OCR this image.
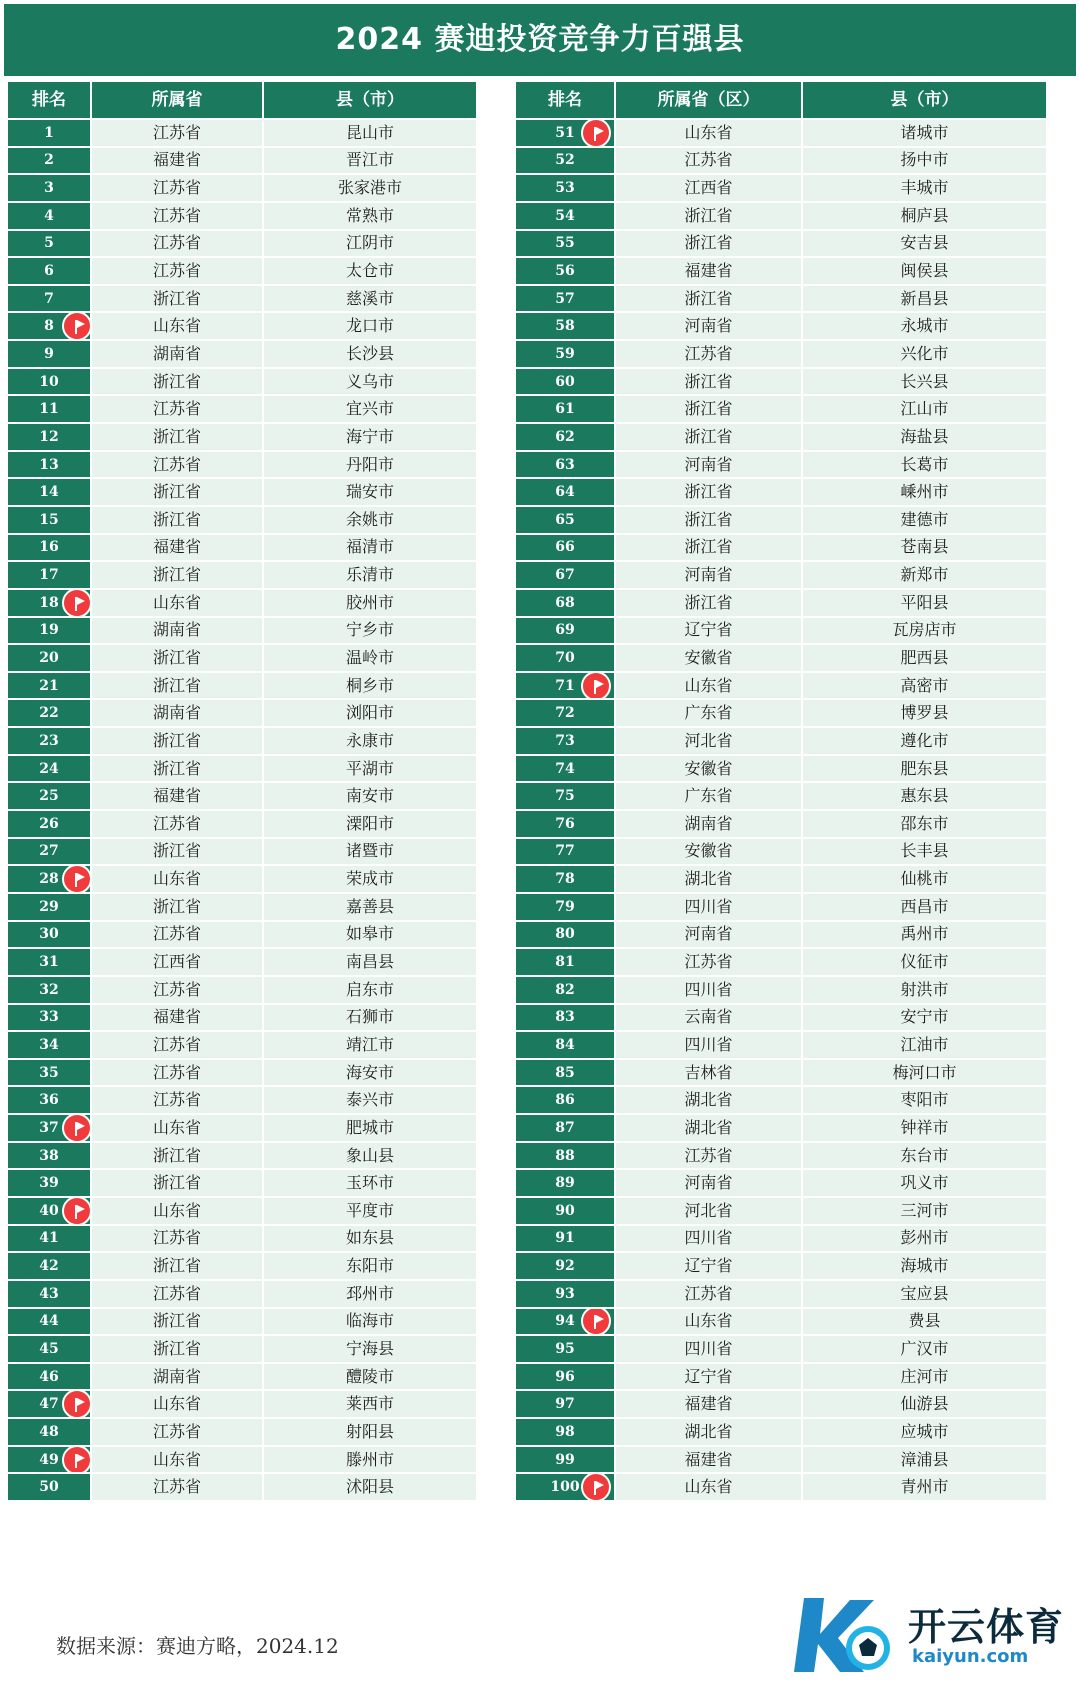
2024 赛迪投资竞争力百强县
排名	所属省	县（市）
1	江苏省	昆山市
2	福建省	晋江市
3	江苏省	张家港市
4	江苏省	常熟市
5	江苏省	江阴市
6	江苏省	太仓市
7	浙江省	慈溪市
8	山东省	龙口市
9	湖南省	长沙县
10	浙江省	义乌市
11	江苏省	宜兴市
12	浙江省	海宁市
13	江苏省	丹阳市
14	浙江省	瑞安市
15	浙江省	余姚市
16	福建省	福清市
17	浙江省	乐清市
18	山东省	胶州市
19	湖南省	宁乡市
20	浙江省	温岭市
21	浙江省	桐乡市
22	湖南省	浏阳市
23	浙江省	永康市
24	浙江省	平湖市
25	福建省	南安市
26	江苏省	溧阳市
27	浙江省	诸暨市
28	山东省	荣成市
29	浙江省	嘉善县
30	江苏省	如皋市
31	江西省	南昌县
32	江苏省	启东市
33	福建省	石狮市
34	江苏省	靖江市
35	江苏省	海安市
36	江苏省	泰兴市
37	山东省	肥城市
38	浙江省	象山县
39	浙江省	玉环市
40	山东省	平度市
41	江苏省	如东县
42	浙江省	东阳市
43	江苏省	邳州市
44	浙江省	临海市
45	浙江省	宁海县
46	湖南省	醴陵市
47	山东省	莱西市
48	江苏省	射阳县
49	山东省	滕州市
50	江苏省	沭阳县
排名	所属省（区）	县（市）
51	山东省	诸城市
52	江苏省	扬中市
53	江西省	丰城市
54	浙江省	桐庐县
55	浙江省	安吉县
56	福建省	闽侯县
57	浙江省	新昌县
58	河南省	永城市
59	江苏省	兴化市
60	浙江省	长兴县
61	浙江省	江山市
62	浙江省	海盐县
63	河南省	长葛市
64	浙江省	嵊州市
65	浙江省	建德市
66	浙江省	苍南县
67	河南省	新郑市
68	浙江省	平阳县
69	辽宁省	瓦房店市
70	安徽省	肥西县
71	山东省	高密市
72	广东省	博罗县
73	河北省	遵化市
74	安徽省	肥东县
75	广东省	惠东县
76	湖南省	邵东市
77	安徽省	长丰县
78	湖北省	仙桃市
79	四川省	西昌市
80	河南省	禹州市
81	江苏省	仪征市
82	四川省	射洪市
83	云南省	安宁市
84	四川省	江油市
85	吉林省	梅河口市
86	湖北省	枣阳市
87	湖北省	钟祥市
88	江苏省	东台市
89	河南省	巩义市
90	河北省	三河市
91	四川省	彭州市
92	辽宁省	海城市
93	江苏省	宝应县
94	山东省	费县
95	四川省	广汉市
96	辽宁省	庄河市
97	福建省	仙游县
98	湖北省	应城市
99	福建省	漳浦县
100	山东省	青州市
数据来源：赛迪方略，2024.12	开云体育
kaiyun.com
